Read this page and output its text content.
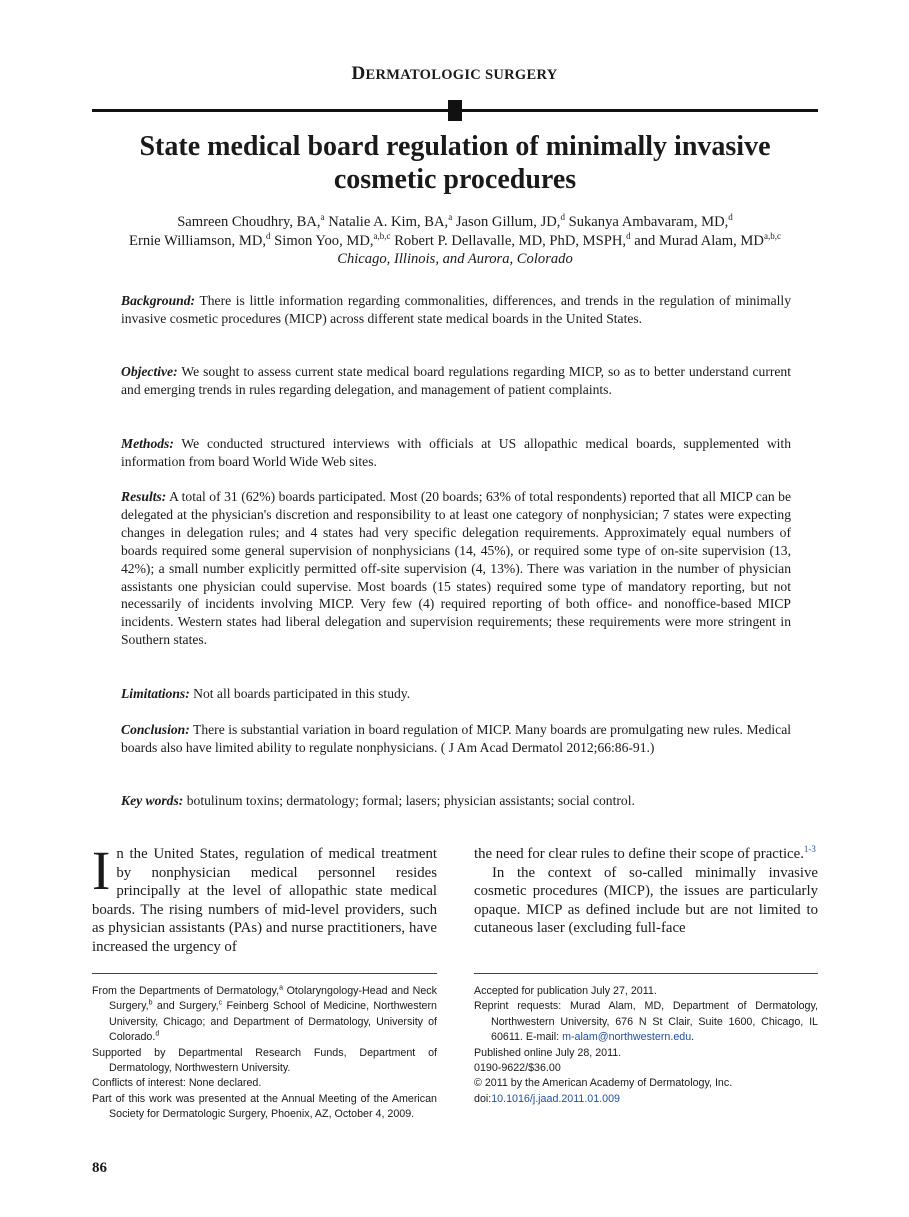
DERMATOLOGIC SURGERY
State medical board regulation of minimally invasive cosmetic procedures
Samreen Choudhry, BA,$^a$ Natalie A. Kim, BA,$^a$ Jason Gillum, JD,$^d$ Sukanya Ambavaram, MD,$^d$
Ernie Williamson, MD,$^d$ Simon Yoo, MD,$^{a,b,c}$ Robert P. Dellavalle, MD, PhD, MSPH,$^d$ and Murad Alam, MD$^{a,b,c}$
Chicago, Illinois, and Aurora, Colorado

Background: There is little information regarding commonalities, differences, and trends in the regulation of minimally invasive cosmetic procedures (MICP) across different state medical boards in the United States.

Objective: We sought to assess current state medical board regulations regarding MICP, so as to better understand current and emerging trends in rules regarding delegation, and management of patient complaints.

Methods: We conducted structured interviews with officials at US allopathic medical boards, supplemented with information from board World Wide Web sites.

Results: A total of 31 (62%) boards participated. Most (20 boards; 63% of total respondents) reported that all MICP can be delegated at the physician's discretion and responsibility to at least one category of nonphysician; 7 states were expecting changes in delegation rules; and 4 states had very specific delegation requirements. Approximately equal numbers of boards required some general supervision of nonphysicians (14, 45%), or required some type of on-site supervision (13, 42%); a small number explicitly permitted off-site supervision (4, 13%). There was variation in the number of physician assistants one physician could supervise. Most boards (15 states) required some type of mandatory reporting, but not necessarily of incidents involving MICP. Very few (4) required reporting of both office- and nonoffice-based MICP incidents. Western states had liberal delegation and supervision requirements; these requirements were more stringent in Southern states.

Limitations: Not all boards participated in this study.

Conclusion: There is substantial variation in board regulation of MICP. Many boards are promulgating new rules. Medical boards also have limited ability to regulate nonphysicians. ( J Am Acad Dermatol 2012;66:86-91.)

Key words: botulinum toxins; dermatology; formal; lasers; physician assistants; social control.

In the United States, regulation of medical treatment by nonphysician medical personnel resides principally at the level of allopathic state medical boards. The rising numbers of mid-level providers, such as physician assistants (PAs) and nurse practitioners, have increased the urgency of

the need for clear rules to define their scope of practice.$^{1-3}$

In the context of so-called minimally invasive cosmetic procedures (MICP), the issues are particularly opaque. MICP as defined include but are not limited to cutaneous laser (excluding full-face

From the Departments of Dermatology,$^a$ Otolaryngology-Head and Neck Surgery,$^b$ and Surgery,$^c$ Feinberg School of Medicine, Northwestern University, Chicago; and Department of Dermatology, University of Colorado.$^d$
Supported by Departmental Research Funds, Department of Dermatology, Northwestern University.
Conflicts of interest: None declared.
Part of this work was presented at the Annual Meeting of the American Society for Dermatologic Surgery, Phoenix, AZ, October 4, 2009.
Accepted for publication July 27, 2011.
Reprint requests: Murad Alam, MD, Department of Dermatology, Northwestern University, 676 N St Clair, Suite 1600, Chicago, IL 60611. E-mail: m-alam@northwestern.edu.
Published online July 28, 2011.
0190-9622/$36.00
© 2011 by the American Academy of Dermatology, Inc.
doi:10.1016/j.jaad.2011.01.009
86
